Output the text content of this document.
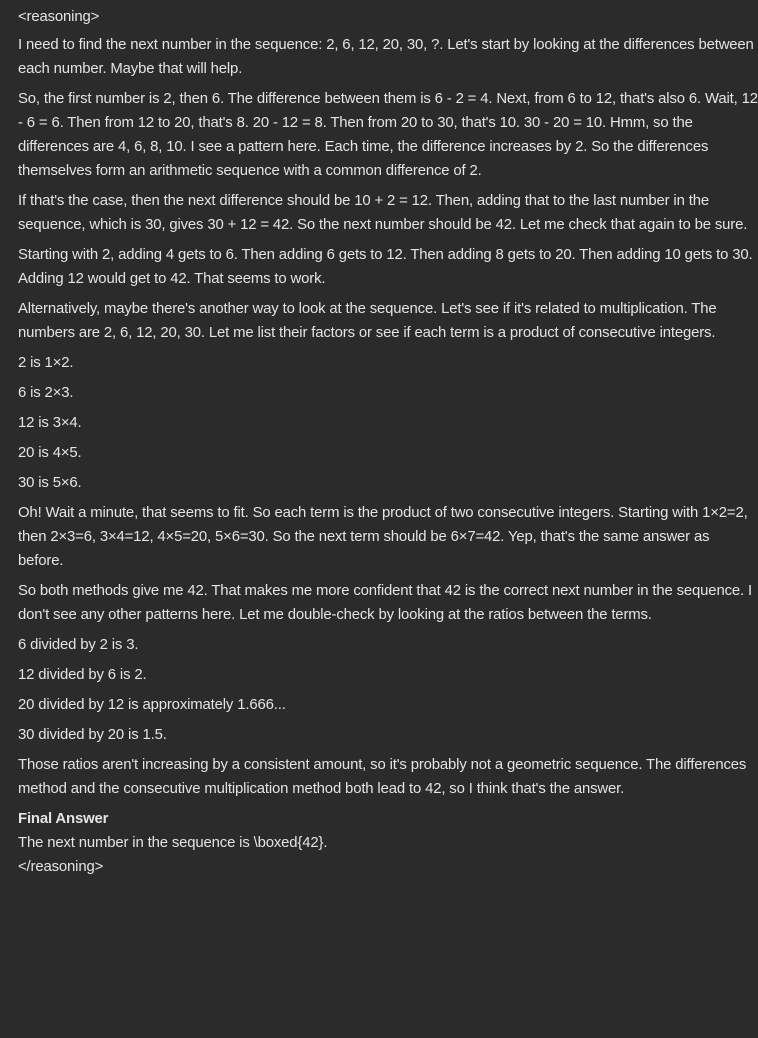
<reasoning>

I need to find the next number in the sequence: 2, 6, 12, 20, 30, ?. Let's start by looking at the differences between each number. Maybe that will help.

So, the first number is 2, then 6. The difference between them is 6 - 2 = 4. Next, from 6 to 12, that's also 6. Wait, 12 - 6 = 6. Then from 12 to 20, that's 8. 20 - 12 = 8. Then from 20 to 30, that's 10. 30 - 20 = 10. Hmm, so the differences are 4, 6, 8, 10. I see a pattern here. Each time, the difference increases by 2. So the differences themselves form an arithmetic sequence with a common difference of 2.

If that's the case, then the next difference should be 10 + 2 = 12. Then, adding that to the last number in the sequence, which is 30, gives 30 + 12 = 42. So the next number should be 42. Let me check that again to be sure.

Starting with 2, adding 4 gets to 6. Then adding 6 gets to 12. Then adding 8 gets to 20. Then adding 10 gets to 30. Adding 12 would get to 42. That seems to work.

Alternatively, maybe there's another way to look at the sequence. Let's see if it's related to multiplication. The numbers are 2, 6, 12, 20, 30. Let me list their factors or see if each term is a product of consecutive integers.

2 is 1×2.

6 is 2×3.

12 is 3×4.

20 is 4×5.

30 is 5×6.

Oh! Wait a minute, that seems to fit. So each term is the product of two consecutive integers. Starting with 1×2=2, then 2×3=6, 3×4=12, 4×5=20, 5×6=30. So the next term should be 6×7=42. Yep, that's the same answer as before.

So both methods give me 42. That makes me more confident that 42 is the correct next number in the sequence. I don't see any other patterns here. Let me double-check by looking at the ratios between the terms.

6 divided by 2 is 3.

12 divided by 6 is 2.

20 divided by 12 is approximately 1.666...

30 divided by 20 is 1.5.

Those ratios aren't increasing by a consistent amount, so it's probably not a geometric sequence. The differences method and the consecutive multiplication method both lead to 42, so I think that's the answer.

Final Answer

The next number in the sequence is \boxed{42}.

</reasoning>
